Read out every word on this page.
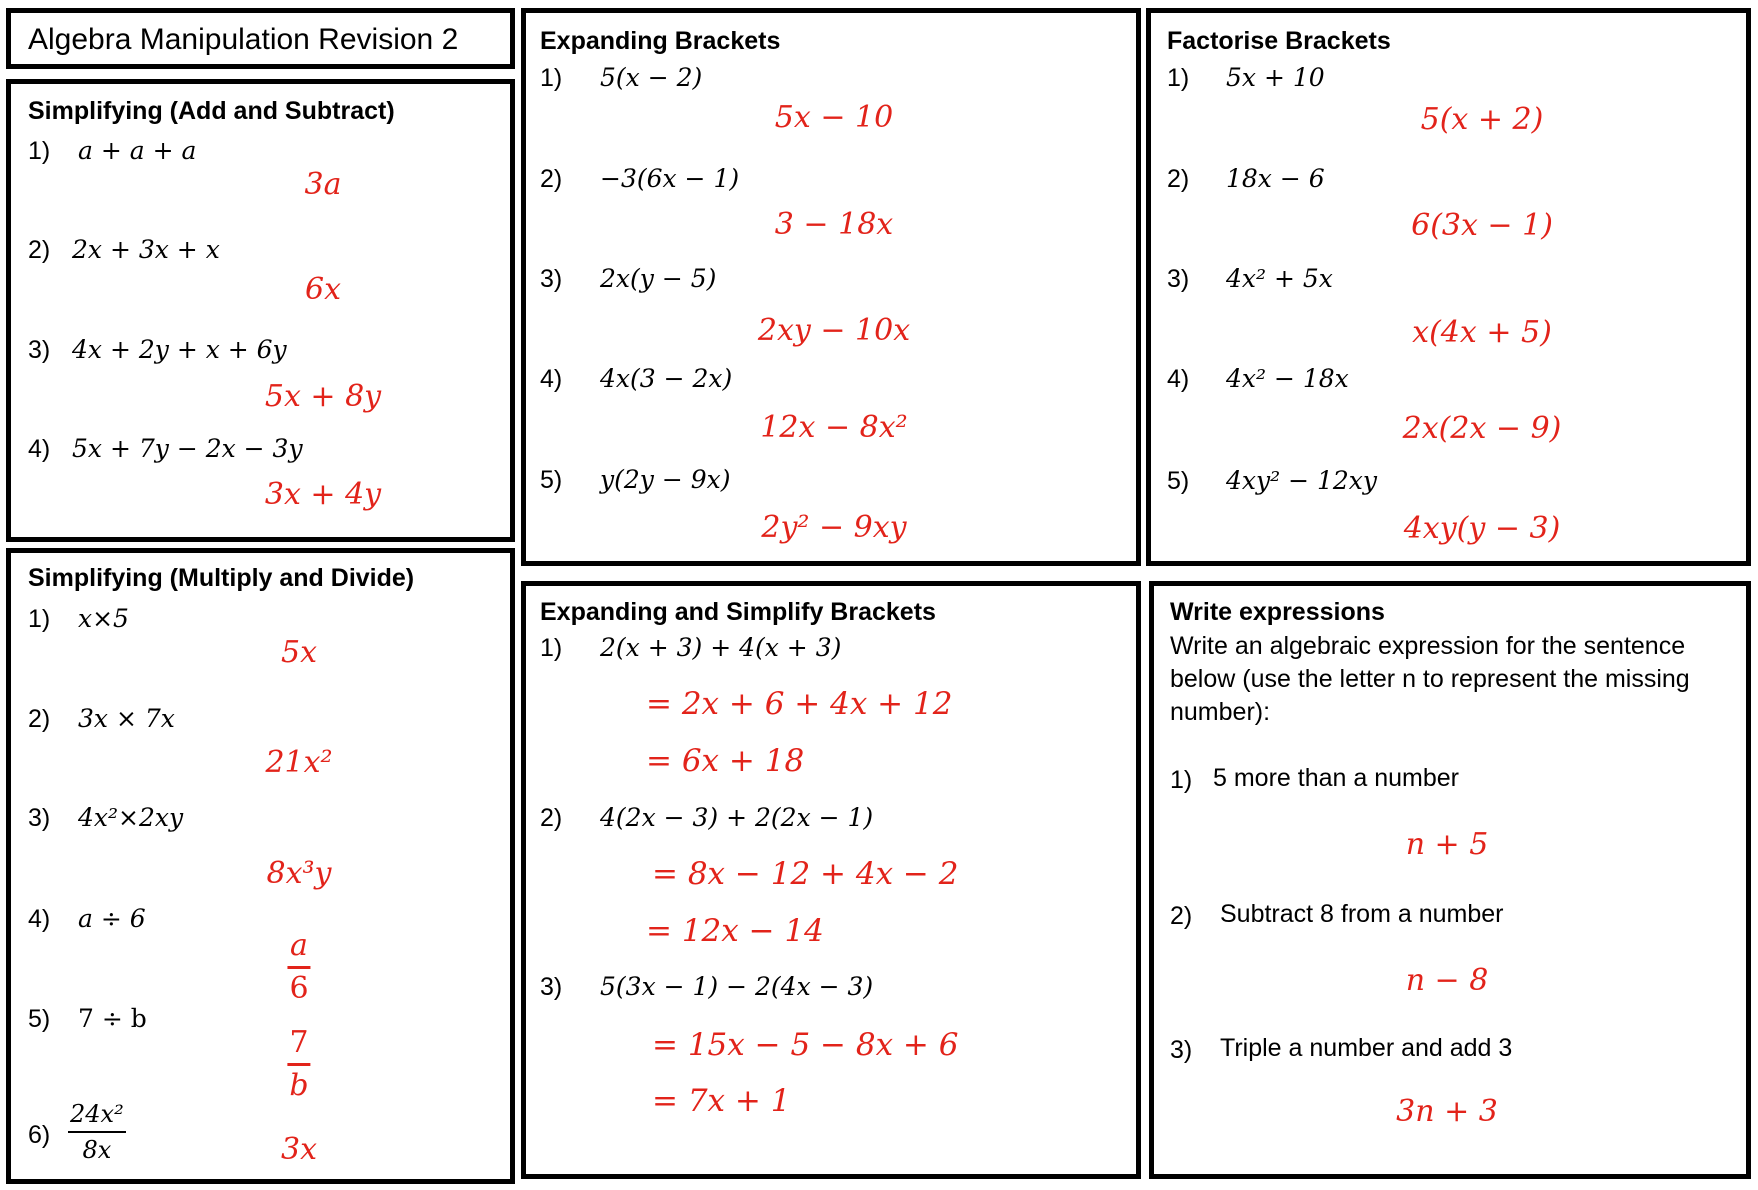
Algebra Manipulation Revision 2
Simplifying (Add and Subtract)
1) a + a + a
3a
2) 2x + 3x + x
6x
3) 4x + 2y + x + 6y
5x + 8y
4) 5x + 7y − 2x − 3y
3x + 4y
Simplifying (Multiply and Divide)
1) x×5
5x
2) 3x × 7x
21x²
3) 4x²×2xy
8x³y
4) a ÷ 6
a
6
5) 7 ÷ b
7
b
6)
24x²
8x	3x
Expanding Brackets
1) 5(x − 2)
5x − 10
2) −3(6x − 1)
3 − 18x
3) 2x(y − 5)
2xy − 10x
4) 4x(3 − 2x)
12x − 8x²
5) y(2y − 9x)
2y² − 9xy
Factorise Brackets
1) 5x + 10
5(x + 2)
2) 18x − 6
6(3x − 1)
3) 4x² + 5x
x(4x + 5)
4) 4x² − 18x
2x(2x − 9)
5) 4xy² − 12xy
4xy(y − 3)
Expanding and Simplify Brackets
1) 2(x + 3) + 4(x + 3)
= 2x + 6 + 4x + 12
= 6x + 18
2) 4(2x − 3) + 2(2x − 1)
= 8x − 12 + 4x − 2
= 12x − 14
3) 5(3x − 1) − 2(4x − 3)
= 15x − 5 − 8x + 6
= 7x + 1
Write expressions
Write an algebraic expression for the sentence below (use the letter n to represent the missing number):
1) 5 more than a number
n + 5
2) Subtract 8 from a number
n − 8
3) Triple a number and add 3
3n + 3
